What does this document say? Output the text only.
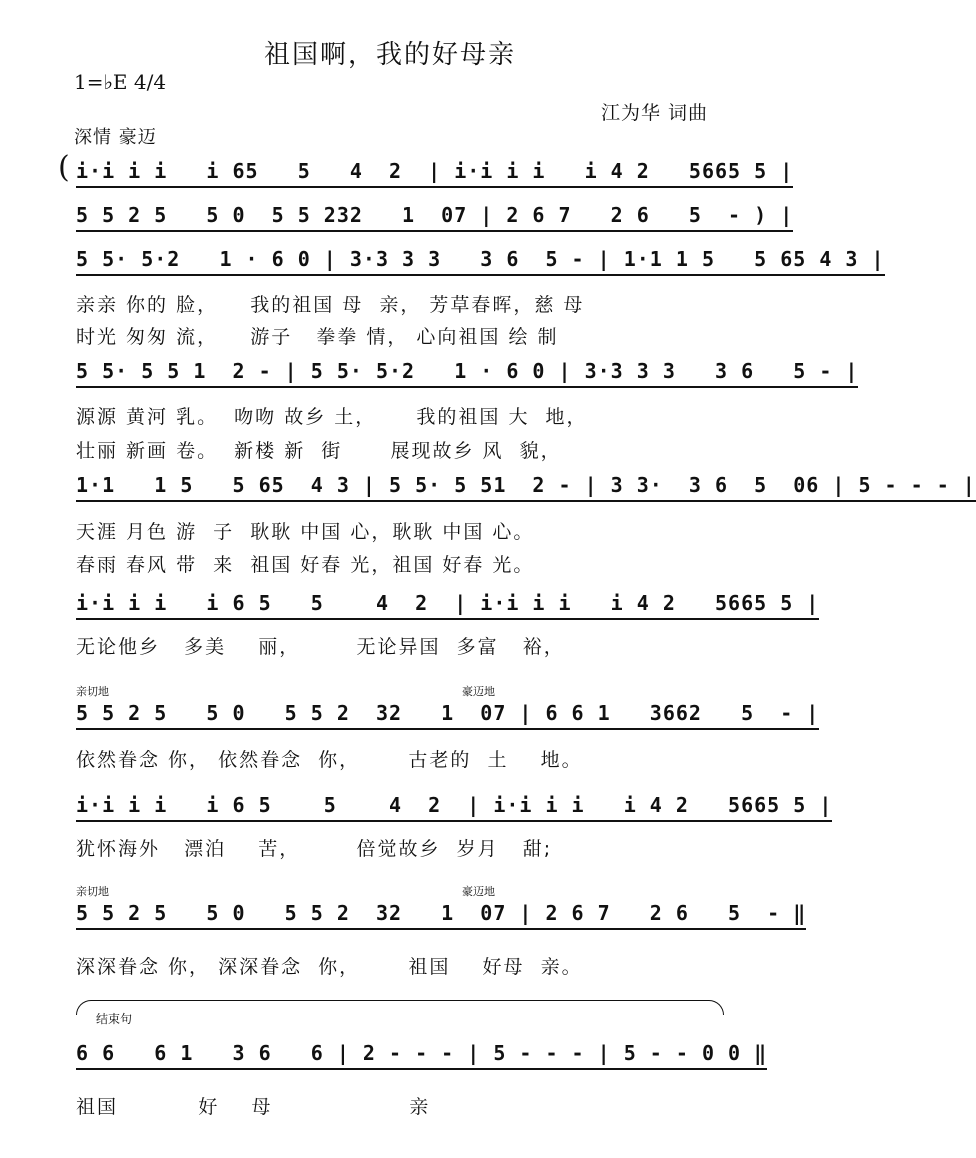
祖国啊，我的好母亲
1=♭E 4/4
江为华 词曲
深情 豪迈
( i·i i i   i 65   5   4  2  | i·i i i   i 4 2   5665 5 |
5 5 2 5   5 0  5 5 232   1  07 | 2 6 7   2 6   5  - ) |
5 5· 5·2   1 · 6 0 | 3·3 3 3   3 6  5 - | 1·1 1 5   5 65 4 3 |
亲亲 你的 脸，    我的祖国 母  亲， 芳草春晖，慈 母
时光 匆匆 流，    游子   拳拳 情， 心向祖国 绘 制
5 5· 5 5 1  2 - | 5 5· 5·2   1 · 6 0 | 3·3 3 3   3 6   5 - |
源源 黄河 乳。  吻吻 故乡 土，     我的祖国 大  地，
壮丽 新画 卷。  新楼 新  街      展现故乡 风  貌，
1·1   1 5   5 65  4 3 | 5 5· 5 51  2 - | 3 3·  3 6  5  06 | 5 - - - |
天涯 月色 游  子  耿耿 中国 心，耿耿 中国 心。
春雨 春风 带  来  祖国 好春 光，祖国 好春 光。
i·i i i   i 6 5   5    4  2  | i·i i i   i 4 2   5665 5 |
无论他乡   多美    丽，       无论异国  多富   裕，
亲切地	豪迈地
5 5 2 5   5 0   5 5 2  32   1  07 | 6 6 1   3662   5  - |
依然眷念 你， 依然眷念  你，      古老的  土    地。
i·i i i   i 6 5    5    4  2  | i·i i i   i 4 2   5665 5 |
犹怀海外   漂泊    苦，       倍觉故乡  岁月   甜;
亲切地	豪迈地
5 5 2 5   5 0   5 5 2  32   1  07 | 2 6 7   2 6   5  - ‖
深深眷念 你， 深深眷念  你，      祖国    好母  亲。
结束句
6 6   6 1   3 6   6 | 2 - - - | 5 - - - | 5 - - 0 0 ‖
祖国          好    母                 亲
